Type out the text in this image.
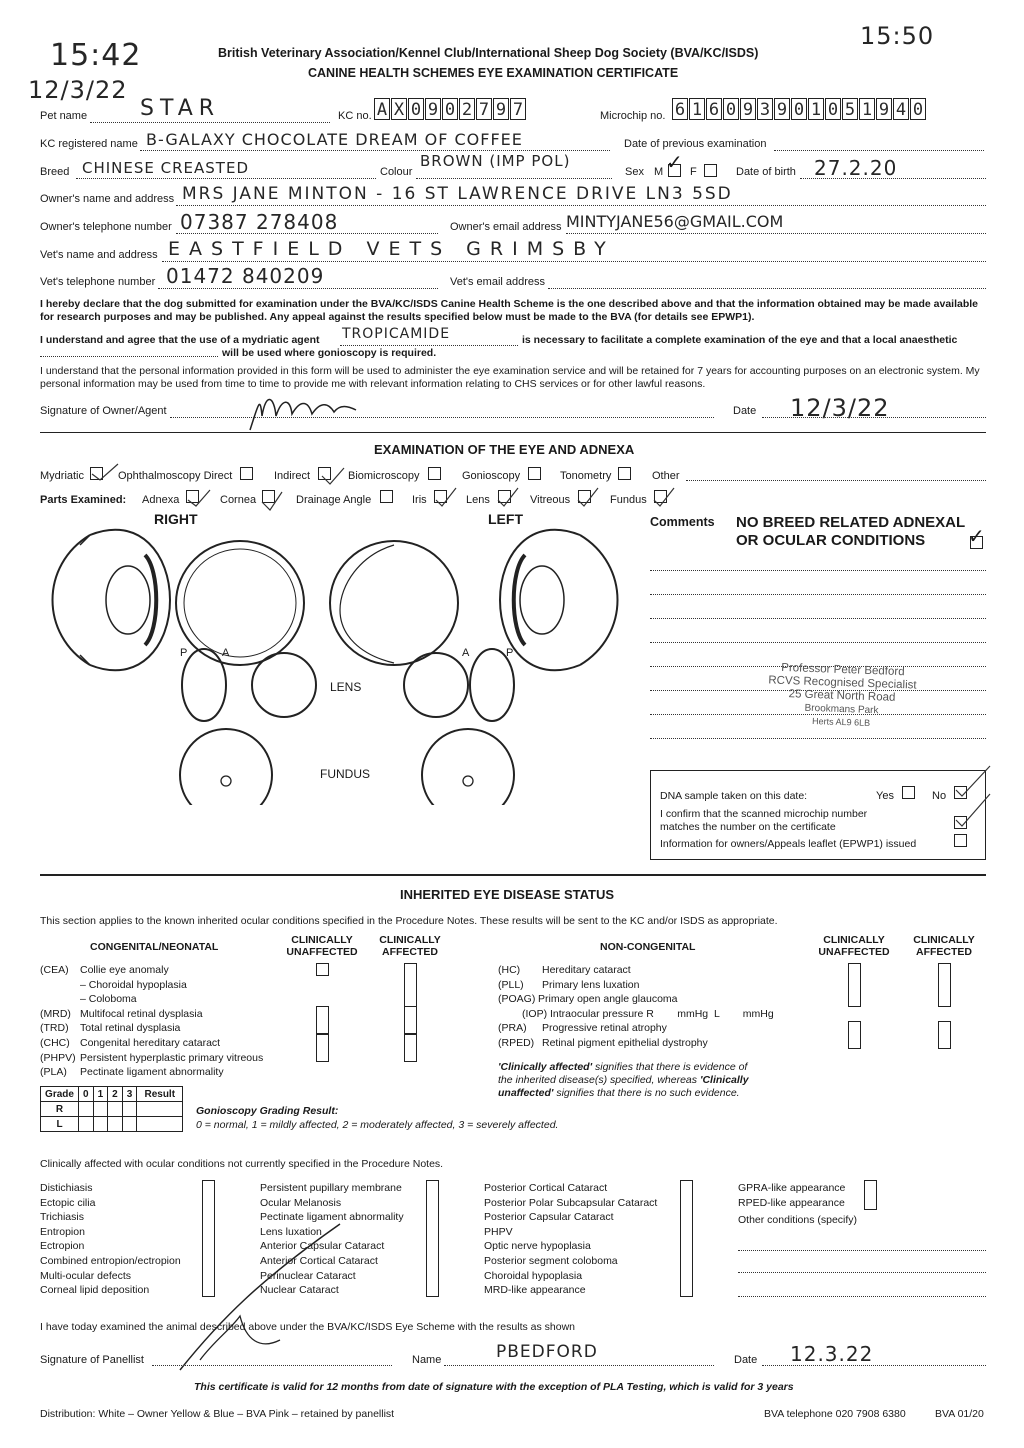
15:42
12/3/22
15:50
British Veterinary Association/Kennel Club/International Sheep Dog Society (BVA/KC/ISDS)
CANINE HEALTH SCHEMES EYE EXAMINATION CERTIFICATE
Pet name STAR	KC no. A X 0 9 0 2 7 9 7	Microchip no. 6 1 6 0 9 3 9 0 1 0 5 1 9 4 0
KC registered name B-GALAXY CHOCOLATE DREAM OF COFFEE	Date of previous examination
Breed CHINESE CREASTED	Colour
BROWN (IMP POL)
Sex M ✓ F	Date of birth 27.2.20
Owner's name and address MRS JANE MINTON - 16 ST LAWRENCE DRIVE LN3 5SD
Owner's telephone number 07387 278408	Owner's email address MINTYJANE56@GMAIL.COM
Vet's name and address EASTFIELD VETS GRIMSBY
Vet's telephone number 01472 840209	Vet's email address
I hereby declare that the dog submitted for examination under the BVA/KC/ISDS Canine Health Scheme is the one described above and that the information obtained may be made available for research purposes and may be published. Any appeal against the results specified below must be made to the BVA (for details see EPWP1).
I understand and agree that the use of a mydriatic agent TROPICAMIDE	is necessary to facilitate a complete examination of the eye and that a local anaesthetic
will be used where gonioscopy is required.
I understand that the personal information provided in this form will be used to administer the eye examination service and will be retained for 7 years for accounting purposes on an electronic system. My personal information may be used from time to time to provide me with relevant information relating to CHS services or for other lawful reasons.
Signature of Owner/Agent	Date 12/3/22
EXAMINATION OF THE EYE AND ADNEXA
Mydriatic	Ophthalmoscopy Direct	Indirect	Biomicroscopy	Gonioscopy	Tonometry	Other
Parts Examined: Adnexa	Cornea	Drainage Angle	Iris	Lens	Vitreous	Fundus
RIGHT	LEFT
P	A	A	P
LENS
FUNDUS
Comments NO BREED RELATED ADNEXAL
OR OCULAR CONDITIONS ✓
Professor Peter Bedford
RCVS Recognised Specialist
25 Great North Road
Brookmans Park
Herts AL9 6LB
DNA sample taken on this date:	Yes	No
I confirm that the scanned microchip number
matches the number on the certificate
Information for owners/Appeals leaflet (EPWP1) issued
INHERITED EYE DISEASE STATUS
This section applies to the known inherited ocular conditions specified in the Procedure Notes. These results will be sent to the KC and/or ISDS as appropriate.
CONGENITAL/NEONATAL
CLINICALLY
UNAFFECTED
CLINICALLY
AFFECTED
(CEA) Collie eye anomaly
– Choroidal hypoplasia
– Coloboma
(MRD) Multifocal retinal dysplasia
(TRD) Total retinal dysplasia
(CHC) Congenital hereditary cataract
(PHPV) Persistent hyperplastic primary vitreous
(PLA) Pectinate ligament abnormality
NON-CONGENITAL
CLINICALLY
UNAFFECTED
CLINICALLY
AFFECTED
(HC) Hereditary cataract
(PLL) Primary lens luxation
(POAG) Primary open angle glaucoma
(IOP) Intraocular pressure R        mmHg  L        mmHg
(PRA) Progressive retinal atrophy
(RPED) Retinal pigment epithelial dystrophy
'Clinically affected' signifies that there is evidence of
the inherited disease(s) specified, whereas 'Clinically
unaffected' signifies that there is no such evidence.
Grade	0	1	2	3	Result
R					
L					
Gonioscopy Grading Result:
0 = normal, 1 = mildly affected, 2 = moderately affected, 3 = severely affected.
Clinically affected with ocular conditions not currently specified in the Procedure Notes.
Distichiasis
Ectopic cilia
Trichiasis
Entropion
Ectropion
Combined entropion/ectropion
Multi-ocular defects
Corneal lipid deposition
Persistent pupillary membrane
Ocular Melanosis
Pectinate ligament abnormality
Lens luxation
Anterior Capsular Cataract
Anterior Cortical Cataract
Perinuclear Cataract
Nuclear Cataract
Posterior Cortical Cataract
Posterior Polar Subcapsular Cataract
Posterior Capsular Cataract
PHPV
Optic nerve hypoplasia
Posterior segment coloboma
Choroidal hypoplasia
MRD-like appearance
GPRA-like appearance
RPED-like appearance
Other conditions (specify)
I have today examined the animal described above under the BVA/KC/ISDS Eye Scheme with the results as shown
Signature of Panellist	Name	PBEDFORD	Date 12.3.22
This certificate is valid for 12 months from date of signature with the exception of PLA Testing, which is valid for 3 years
Distribution: White – Owner Yellow & Blue – BVA Pink – retained by panellist	BVA telephone 020 7908 6380	BVA 01/20
